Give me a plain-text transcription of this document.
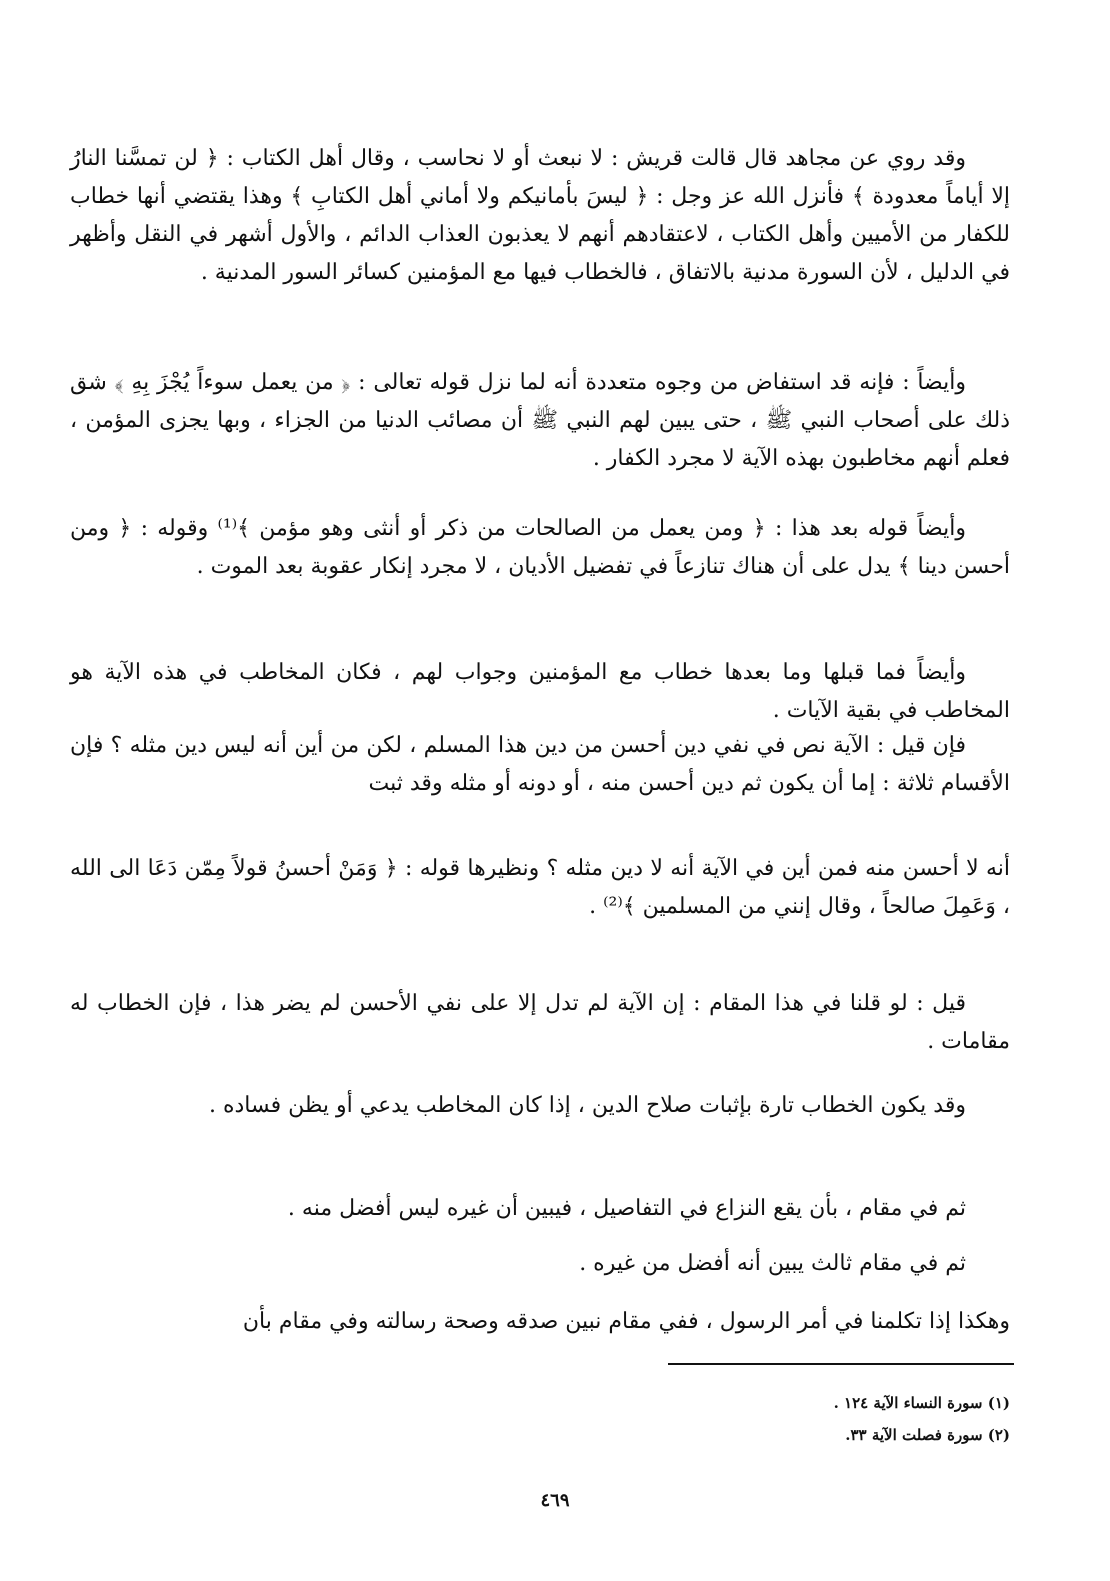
وقد روي عن مجاهد قال قالت قريش : لا نبعث أو لا نحاسب ، وقال أهل الكتاب : ﴿ لن تمسَّنا النارُ إلا أياماً معدودة ﴾ فأنزل الله عز وجل : ﴿ ليسَ بأمانيكم ولا أماني أهل الكتابِ ﴾ وهذا يقتضي أنها خطاب للكفار من الأميين وأهل الكتاب ، لاعتقادهم أنهم لا يعذبون العذاب الدائم ، والأول أشهر في النقل وأظهر في الدليل ، لأن السورة مدنية بالاتفاق ، فالخطاب فيها مع المؤمنين كسائر السور المدنية .

وأيضاً : فإنه قد استفاض من وجوه متعددة أنه لما نزل قوله تعالى : ﴿ من يعمل سوءاً يُجْزَ بِهِ ﴾ شق ذلك على أصحاب النبي ﷺ ، حتى يبين لهم النبي ﷺ أن مصائب الدنيا من الجزاء ، وبها يجزى المؤمن ، فعلم أنهم مخاطبون بهذه الآية لا مجرد الكفار .

وأيضاً قوله بعد هذا : ﴿ ومن يعمل من الصالحات من ذكر أو أنثى وهو مؤمن ﴾⁽¹⁾ وقوله : ﴿ ومن أحسن دينا ﴾ يدل على أن هناك تنازعاً في تفضيل الأديان ، لا مجرد إنكار عقوبة بعد الموت .

وأيضاً فما قبلها وما بعدها خطاب مع المؤمنين وجواب لهم ، فكان المخاطب في هذه الآية هو المخاطب في بقية الآيات .

فإن قيل : الآية نص في نفي دين أحسن من دين هذا المسلم ، لكن من أين أنه ليس دين مثله ؟ فإن الأقسام ثلاثة : إما أن يكون ثم دين أحسن منه ، أو دونه أو مثله وقد ثبت

أنه لا أحسن منه فمن أين في الآية أنه لا دين مثله ؟ ونظيرها قوله : ﴿ وَمَنْ أحسنُ قولاً مِمّن دَعَا الى الله ، وَعَمِلَ صالحاً ، وقال إنني من المسلمين ﴾⁽²⁾ .

قيل : لو قلنا في هذا المقام : إن الآية لم تدل إلا على نفي الأحسن لم يضر هذا ، فإن الخطاب له مقامات .

وقد يكون الخطاب تارة بإثبات صلاح الدين ، إذا كان المخاطب يدعي أو يظن فساده .

ثم في مقام ، بأن يقع النزاع في التفاصيل ، فيبين أن غيره ليس أفضل منه .

ثم في مقام ثالث يبين أنه أفضل من غيره .

وهكذا إذا تكلمنا في أمر الرسول ، ففي مقام نبين صدقه وصحة رسالته وفي مقام بأن

(١) سورة النساء الآية ١٢٤ .
(٢) سورة فصلت الآية ٣٣.
٤٦٩
